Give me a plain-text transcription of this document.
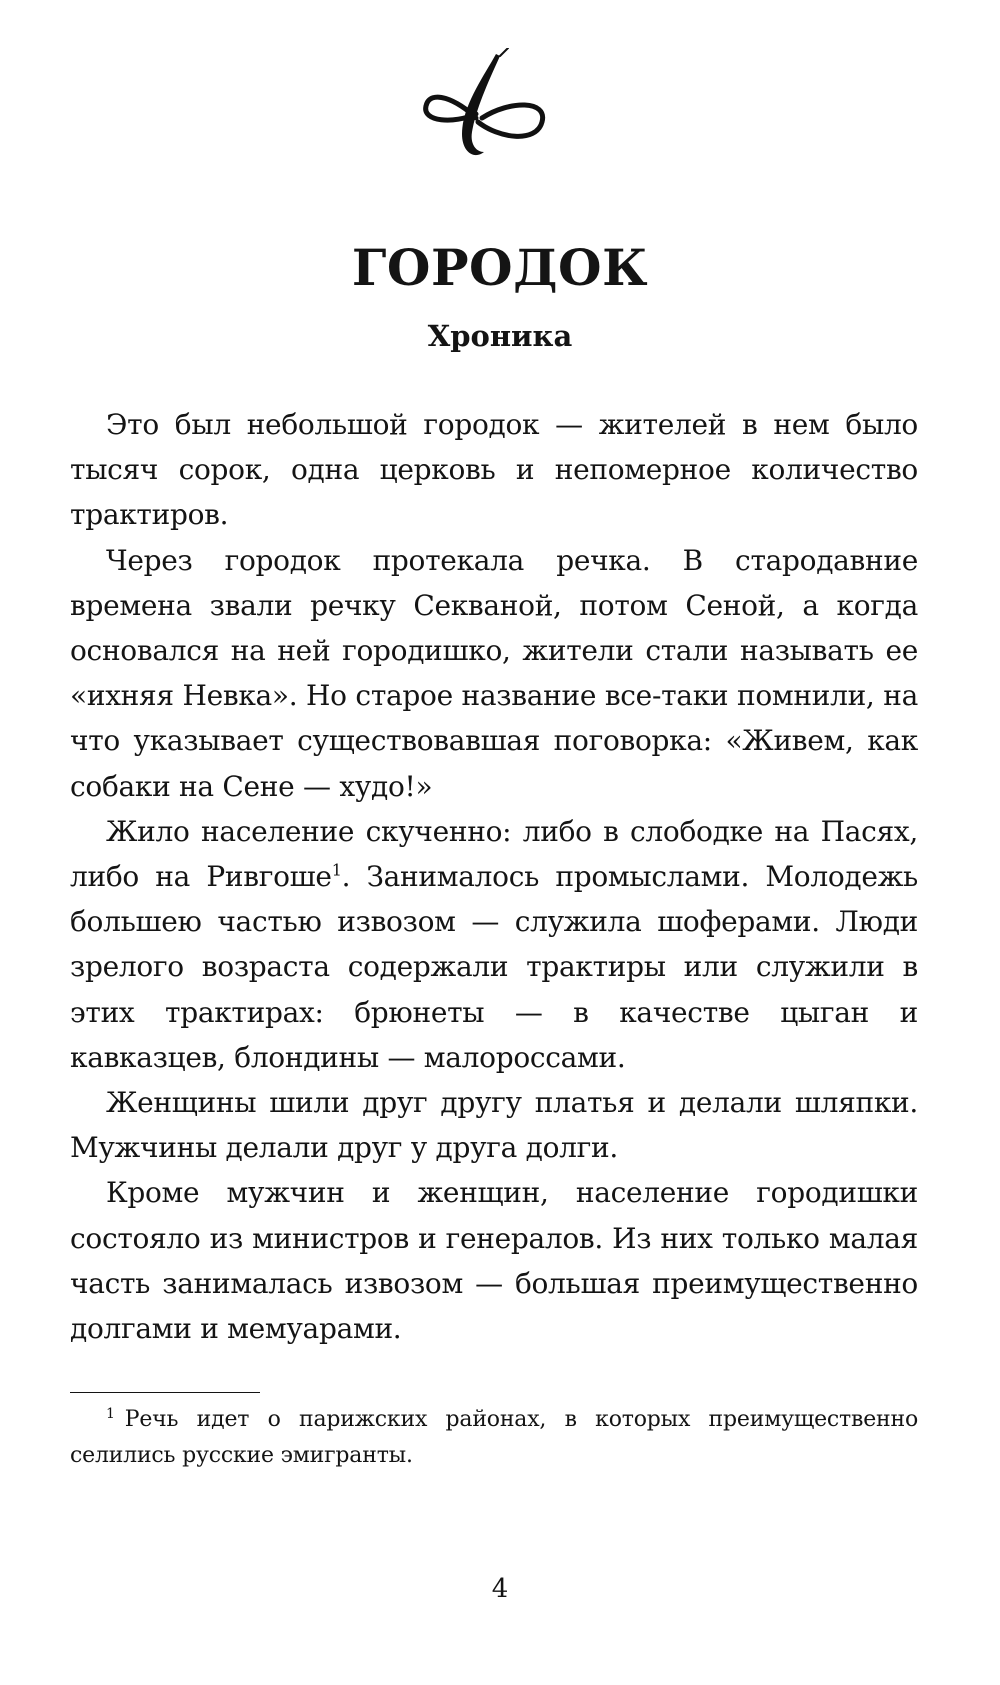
ГОРОДОК
Хроника

Это был небольшой городок — жителей в нем было тысяч сорок, одна церковь и непомерное количество трактиров.

Через городок протекала речка. В стародавние времена звали речку Секваной, потом Сеной, а когда основался на ней городишко, жители стали называть ее «ихняя Невка». Но старое название все-таки помнили, на что указывает существовавшая поговорка: «Живем, как собаки на Сене — худо!»

Жило население скученно: либо в слободке на Пасях, либо на Ривгоше$^1$. Занималось промыслами. Молодежь большею частью извозом — служила шоферами. Люди зрелого возраста содержали трактиры или служили в этих трактирах: брюнеты — в качестве цыган и кавказцев, блондины — малороссами.

Женщины шили друг другу платья и делали шляпки. Мужчины делали друг у друга долги.

Кроме мужчин и женщин, население городишки состояло из министров и генералов. Из них только малая часть занималась извозом — большая преимущественно долгами и мемуарами.

$^1$ Речь идет о парижских районах, в которых преимущественно селились русские эмигранты.

4
